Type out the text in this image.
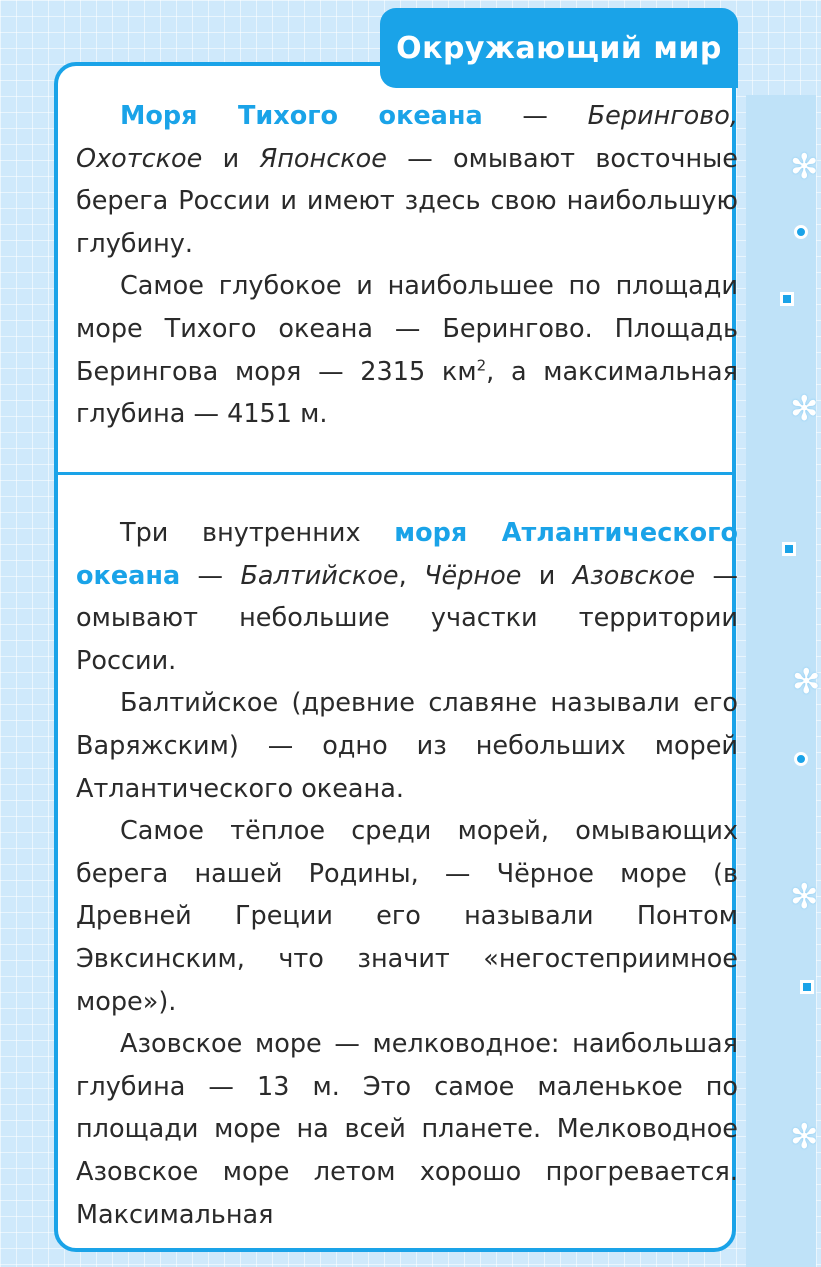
✻
✻
✻
✻
✻
Окружающий мир

Моря Тихого океана — Берингово, Охотское и Японское — омывают восточные берега России и имеют здесь свою наибольшую глубину.

Самое глубокое и наибольшее по площади море Тихого океана — Берингово. Площадь Берингова моря — 2315 $км^2$, а максимальная глубина — 4151 м.

Три внутренних моря Атлантического океана — Балтийское, Чёрное и Азовское — омывают небольшие участки территории России.

Балтийское (древние славяне называли его Варяжским) — одно из небольших морей Атлантического океана.

Самое тёплое среди морей, омывающих берега нашей Родины, — Чёрное море (в Древней Греции его называли Понтом Эвксинским, что значит «негостеприимное море»).

Азовское море — мелководное: наибольшая глубина — 13 м. Это самое маленькое по площади море на всей планете. Мелководное Азовское море летом хорошо прогревается. Максимальная
